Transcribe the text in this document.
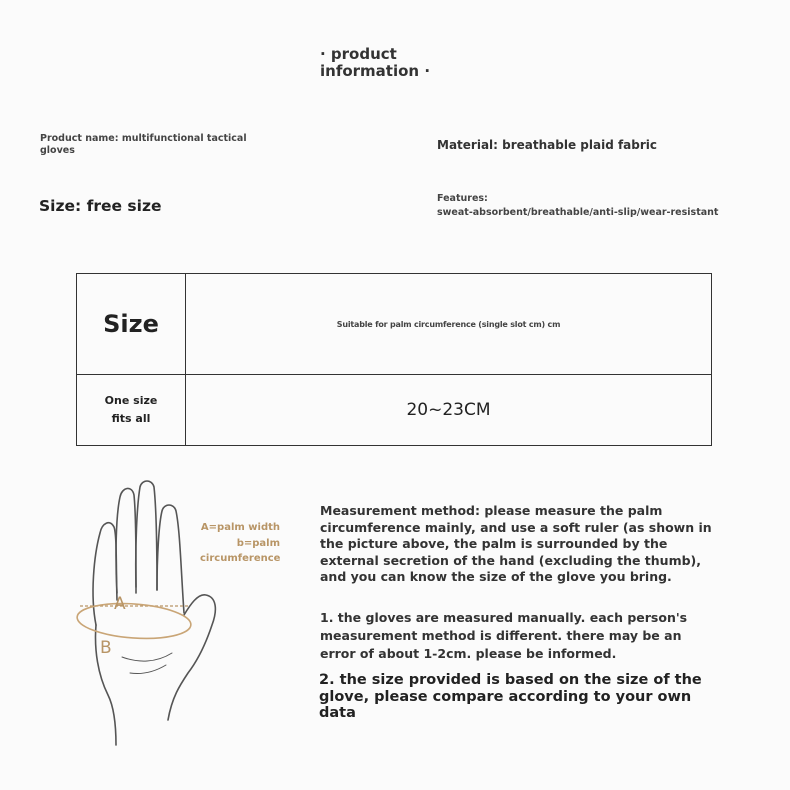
· product information ·
Product name: multifunctional tactical gloves	Material: breathable plaid fabric
Size: free size	Features:
sweat-absorbent/breathable/anti-slip/wear-resistant
Size	Suitable for palm circumference (single slot cm) cm

One size
fits all	20~23CM
A
B
A=palm width
b=palm
circumference
Measurement method: please measure the palm circumference mainly, and use a soft ruler (as shown in the picture above, the palm is surrounded by the external secretion of the hand (excluding the thumb), and you can know the size of the glove you bring.
1. the gloves are measured manually. each person's measurement method is different. there may be an error of about 1-2cm. please be informed.
2. the size provided is based on the size of the glove, please compare according to your own data
